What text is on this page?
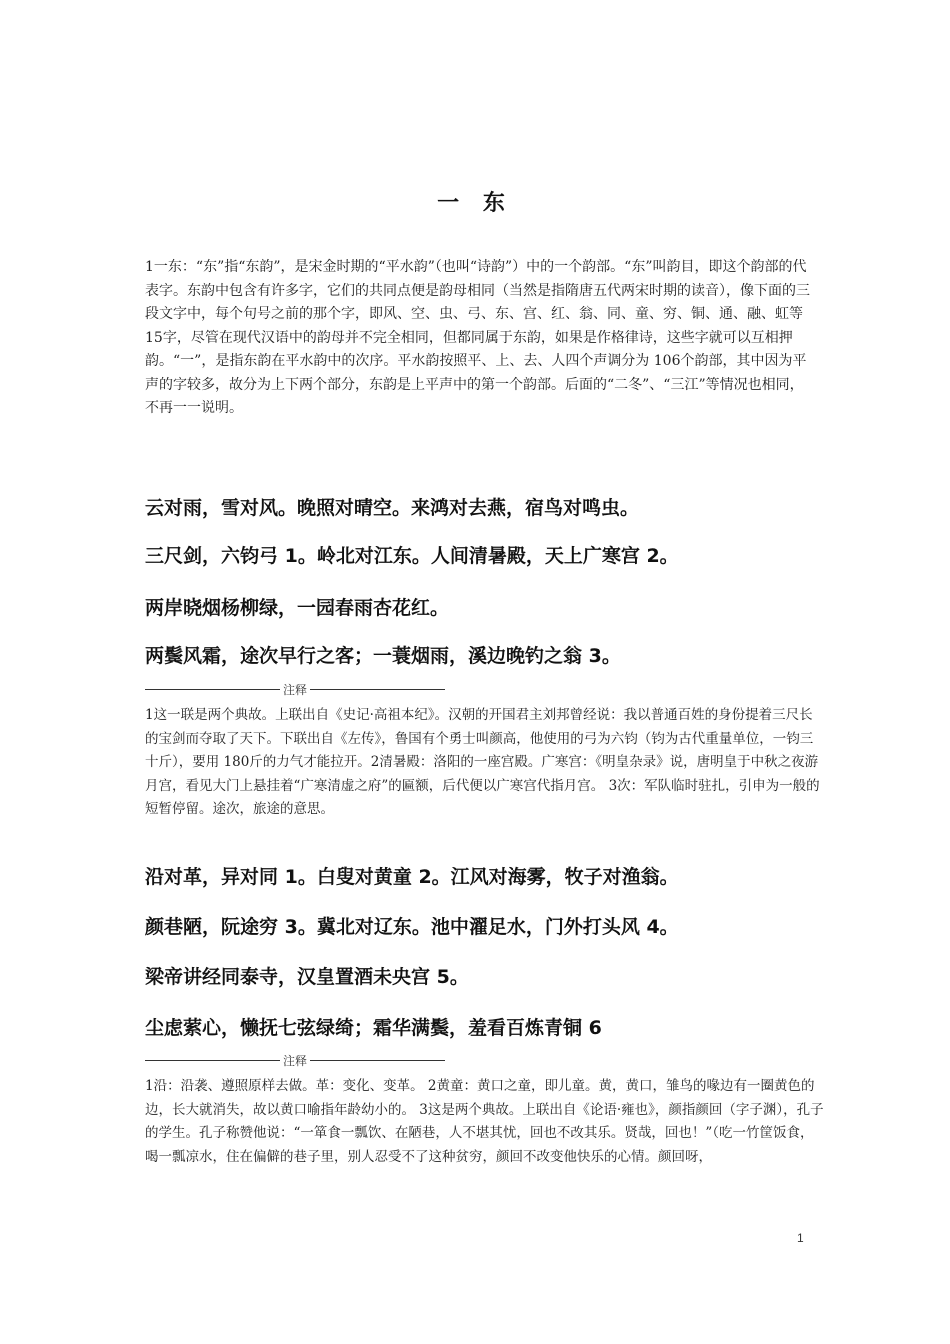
一 东

1一东：“东”指“东韵”，是宋金时期的“平水韵”（也叫“诗韵”）中的一个韵部。“东”叫韵目，即这个韵部的代表字。东韵中包含有许多字，它们的共同点便是韵母相同（当然是指隋唐五代两宋时期的读音），像下面的三段文字中，每个句号之前的那个字，即风、空、虫、弓、东、宫、红、翁、同、童、穷、铜、通、融、虹等 15字，尽管在现代汉语中的韵母并不完全相同，但都同属于东韵，如果是作格律诗，这些字就可以互相押韵。“一”，是指东韵在平水韵中的次序。平水韵按照平、上、去、人四个声调分为 106个韵部，其中因为平声的字较多，故分为上下两个部分，东韵是上平声中的第一个韵部。后面的“二冬”、“三江”等情况也相同，不再一一说明。

云对雨，雪对风。晚照对晴空。来鸿对去燕，宿鸟对鸣虫。

三尺剑，六钧弓 1。岭北对江东。人间清暑殿，天上广寒宫 2。

两岸晓烟杨柳绿，一园春雨杏花红。

两鬓风霜，途次早行之客；一蓑烟雨，溪边晚钓之翁 3。

注释

1这一联是两个典故。上联出自《史记·高祖本纪》。汉朝的开国君主刘邦曾经说：我以普通百姓的身份提着三尺长的宝剑而夺取了天下。下联出自《左传》，鲁国有个勇士叫颜高，他使用的弓为六钧（钧为古代重量单位，一钧三十斤），要用 180斤的力气才能拉开。2清暑殿：洛阳的一座宫殿。广寒宫：《明皇杂录》说，唐明皇于中秋之夜游月宫，看见大门上悬挂着“广寒清虚之府”的匾额，后代便以广寒宫代指月宫。 3次：军队临时驻扎，引申为一般的短暂停留。途次，旅途的意思。

沿对革，异对同 1。白叟对黄童 2。江风对海雾，牧子对渔翁。

颜巷陋，阮途穷 3。冀北对辽东。池中濯足水，门外打头风 4。

梁帝讲经同泰寺，汉皇置酒未央宫 5。

尘虑萦心，懒抚七弦绿绮；霜华满鬓，羞看百炼青铜 6

注释

1沿：沿袭、遵照原样去做。革：变化、变革。 2黄童：黄口之童，即儿童。黄，黄口，雏鸟的喙边有一圈黄色的边，长大就消失，故以黄口喻指年龄幼小的。 3这是两个典故。上联出自《论语·雍也》，颜指颜回（字子渊），孔子的学生。孔子称赞他说：“一箪食一瓢饮、在陋巷，人不堪其忧，回也不改其乐。贤哉，回也！”（吃一竹筐饭食，喝一瓢凉水，住在偏僻的巷子里，别人忍受不了这种贫穷，颜回不改变他快乐的心情。颜回呀，

1
